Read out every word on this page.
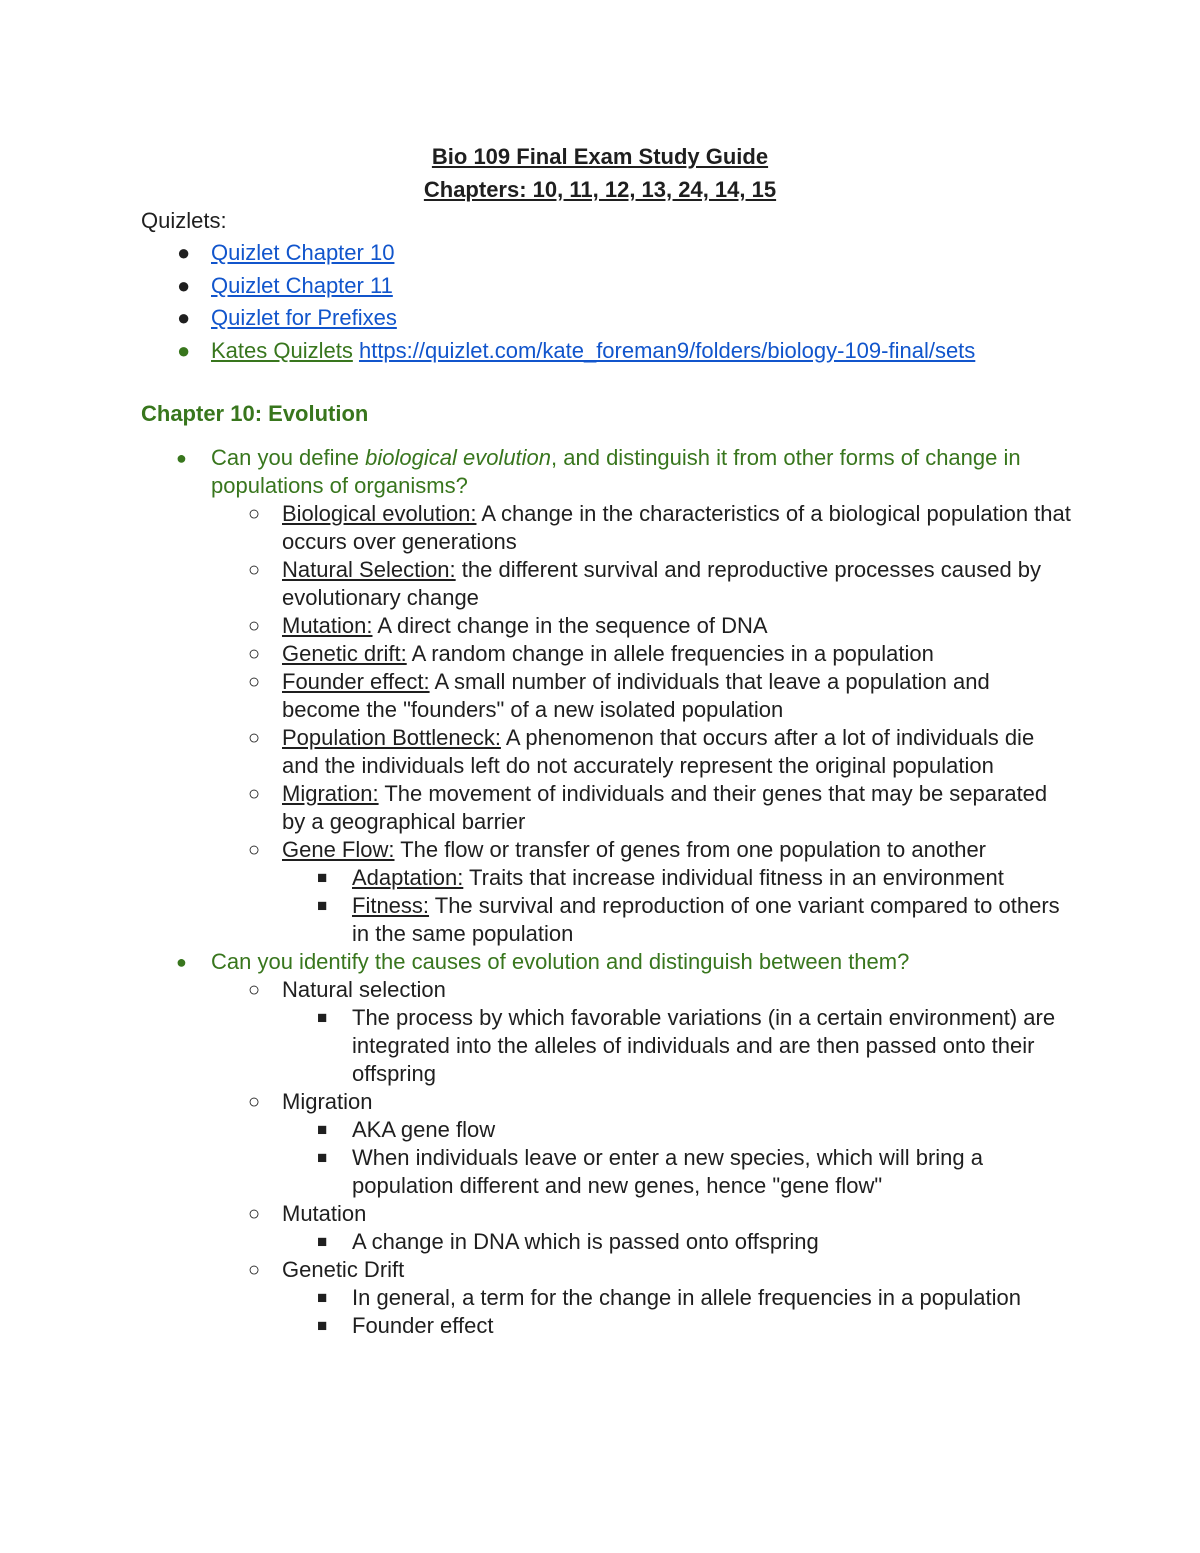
Bio 109 Final Exam Study Guide
Chapters: 10, 11, 12, 13, 24, 14, 15
Quizlets:
● Quizlet Chapter 10
● Quizlet Chapter 11
● Quizlet for Prefixes
● Kates Quizlets https://quizlet.com/kate_foreman9/folders/biology-109-final/sets
Chapter 10: Evolution
● Can you define biological evolution, and distinguish it from other forms of change in populations of organisms?
○ Biological evolution: A change in the characteristics of a biological population that occurs over generations
○ Natural Selection: the different survival and reproductive processes caused by evolutionary change
○ Mutation: A direct change in the sequence of DNA
○ Genetic drift: A random change in allele frequencies in a population
○ Founder effect: A small number of individuals that leave a population and become the "founders" of a new isolated population
○ Population Bottleneck: A phenomenon that occurs after a lot of individuals die and the individuals left do not accurately represent the original population
○ Migration: The movement of individuals and their genes that may be separated by a geographical barrier
○ Gene Flow: The flow or transfer of genes from one population to another
■ Adaptation: Traits that increase individual fitness in an environment
■ Fitness: The survival and reproduction of one variant compared to others in the same population
● Can you identify the causes of evolution and distinguish between them?
○ Natural selection
■ The process by which favorable variations (in a certain environment) are integrated into the alleles of individuals and are then passed onto their offspring
○ Migration
■ AKA gene flow
■ When individuals leave or enter a new species, which will bring a population different and new genes, hence "gene flow"
○ Mutation
■ A change in DNA which is passed onto offspring
○ Genetic Drift
■ In general, a term for the change in allele frequencies in a population
■ Founder effect
